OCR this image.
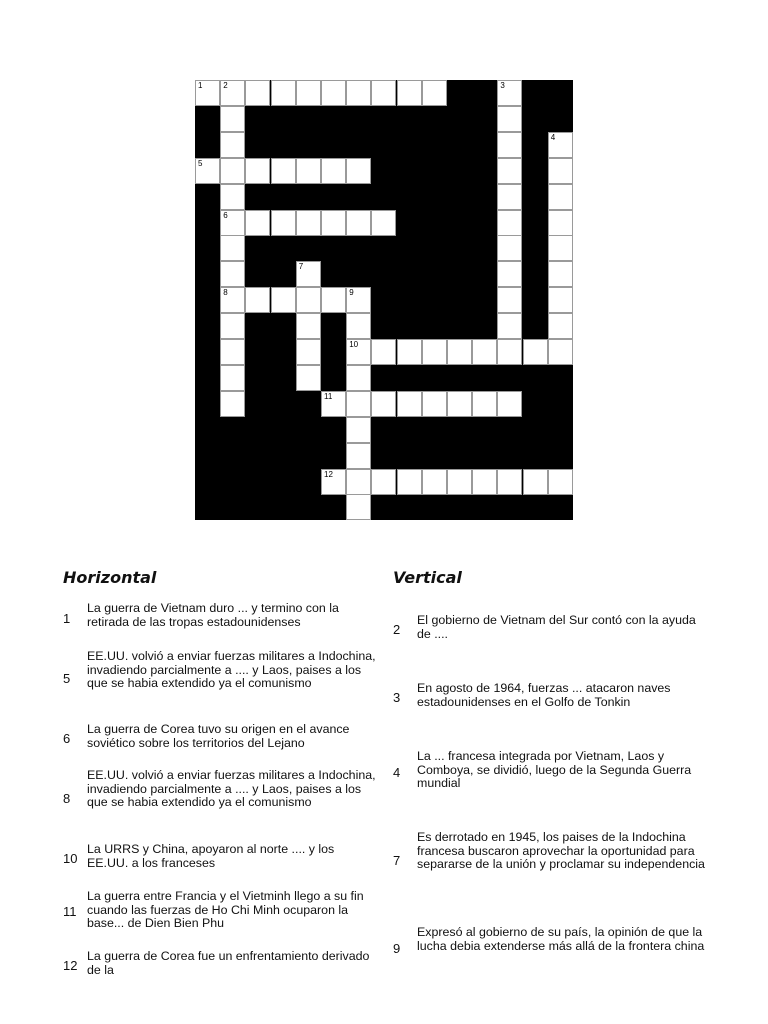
1	2	3
4
5
6
7
8	9
10
11
12
Horizontal	Vertical
1
La guerra de Vietnam duro ... y termino con la retirada de las tropas estadounidenses
5
EE.UU. volvió a enviar fuerzas militares a Indochina, invadiendo parcialmente a .... y Laos, paises a los que se habia extendido ya el comunismo
6
La guerra de Corea tuvo su origen en el avance soviético sobre los territorios del Lejano
8
EE.UU. volvió a enviar fuerzas militares a Indochina, invadiendo parcialmente a .... y Laos, paises a los que se habia extendido ya el comunismo
10
La URRS y China, apoyaron al norte .... y los EE.UU. a los franceses
11
La guerra entre Francia y el Vietminh llego a su fin cuando las fuerzas de Ho Chi Minh ocuparon la base... de Dien Bien Phu
12
La guerra de Corea fue un enfrentamiento derivado de la
2
El gobierno de Vietnam del Sur contó con la ayuda de ....
3
En agosto de 1964, fuerzas ... atacaron naves estadounidenses en el Golfo de Tonkin
4
La ... francesa integrada por Vietnam, Laos y Comboya, se dividió, luego de la Segunda Guerra mundial
7
Es derrotado en 1945, los paises de la Indochina francesa buscaron aprovechar la oportunidad para separarse de la unión y proclamar su independencia
9
Expresó al gobierno de su país, la opinión de que la lucha debia extenderse más allá de la frontera china
